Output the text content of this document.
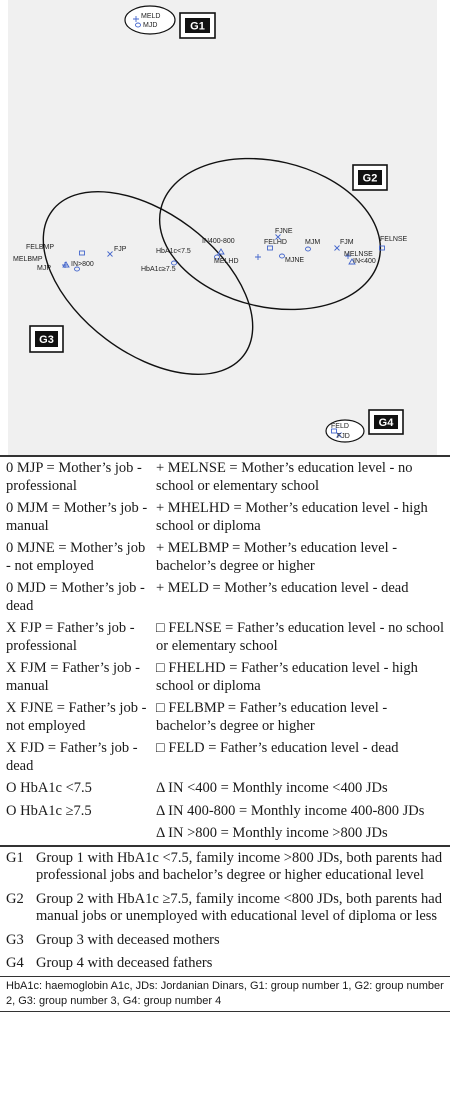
G1
G2
G3
G4
MELD
MJD
FELBMP	FJP
MELBMP
IN>800
MJP
HbA1c<7.5
HbA1c≥7.5
IN400-800	FELHD	MJM
MELHD
FJNE
MJNE
FJM	FELNSE
MELNSE
IN<400
FELD
FJD
0 MJP = Mother’s job - professional	+ MELNSE = Mother’s education level - no school or elementary school
0 MJM = Mother’s job - manual	+ MHELHD = Mother’s education level - high school or diploma
0 MJNE = Mother’s job - not employed	+ MELBMP = Mother’s education level - bachelor’s degree or higher
0 MJD = Mother’s job - dead	+ MELD = Mother’s education level - dead
X FJP = Father’s job - professional	□ FELNSE = Father’s education level - no school or elementary school
X FJM = Father’s job - manual	□ FHELHD = Father’s education level - high school or diploma
X FJNE = Father’s job - not employed	□ FELBMP = Father’s education level - bachelor’s degree or higher
X FJD = Father’s job - dead	□ FELD = Father’s education level - dead
O HbA1c <7.5	Δ IN <400 = Monthly income <400 JDs
O HbA1c ≥7.5	Δ IN 400-800 = Monthly income 400-800 JDs
	Δ IN >800 = Monthly income >800 JDs
G1	Group 1 with HbA1c <7.5, family income >800 JDs, both parents had professional jobs and bachelor’s degree or higher educational level
G2	Group 2 with HbA1c ≥7.5, family income <800 JDs, both parents had manual jobs or unemployed with educational level of diploma or less
G3	Group 3 with deceased mothers
G4	Group 4 with deceased fathers
HbA1c: haemoglobin A1c, JDs: Jordanian Dinars, G1: group number 1, G2: group number 2, G3: group number 3, G4: group number 4
